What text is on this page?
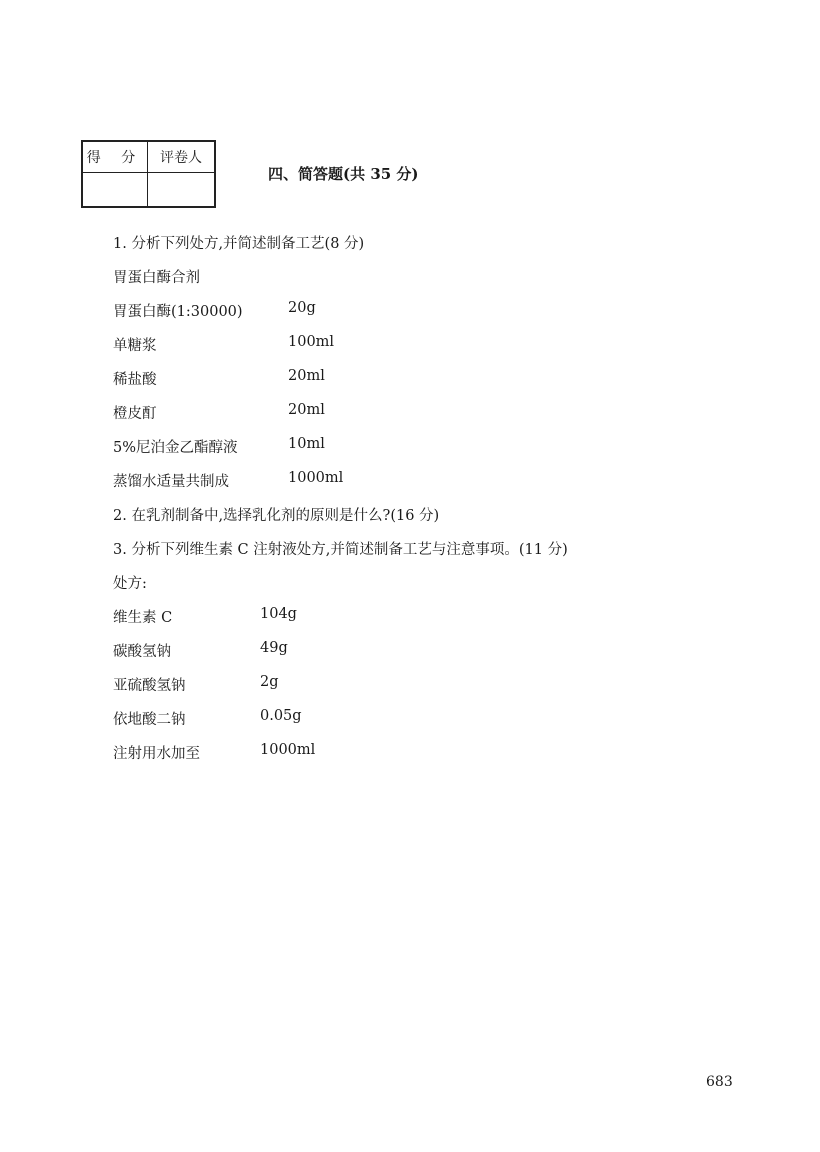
得 分	评卷人

四、简答题(共 35 分)
1. 分析下列处方,并简述制备工艺(8 分)
胃蛋白酶合剂
胃蛋白酶(1:30000)	20g
单糖浆	100ml
稀盐酸	20ml
橙皮酊	20ml
5%尼泊金乙酯醇液	10ml
蒸馏水适量共制成	1000ml
2. 在乳剂制备中,选择乳化剂的原则是什么?(16 分)
3. 分析下列维生素 C 注射液处方,并简述制备工艺与注意事项。(11 分)
处方:
维生素 C	104g
碳酸氢钠	49g
亚硫酸氢钠	2g
依地酸二钠	0.05g
注射用水加至	1000ml
683
